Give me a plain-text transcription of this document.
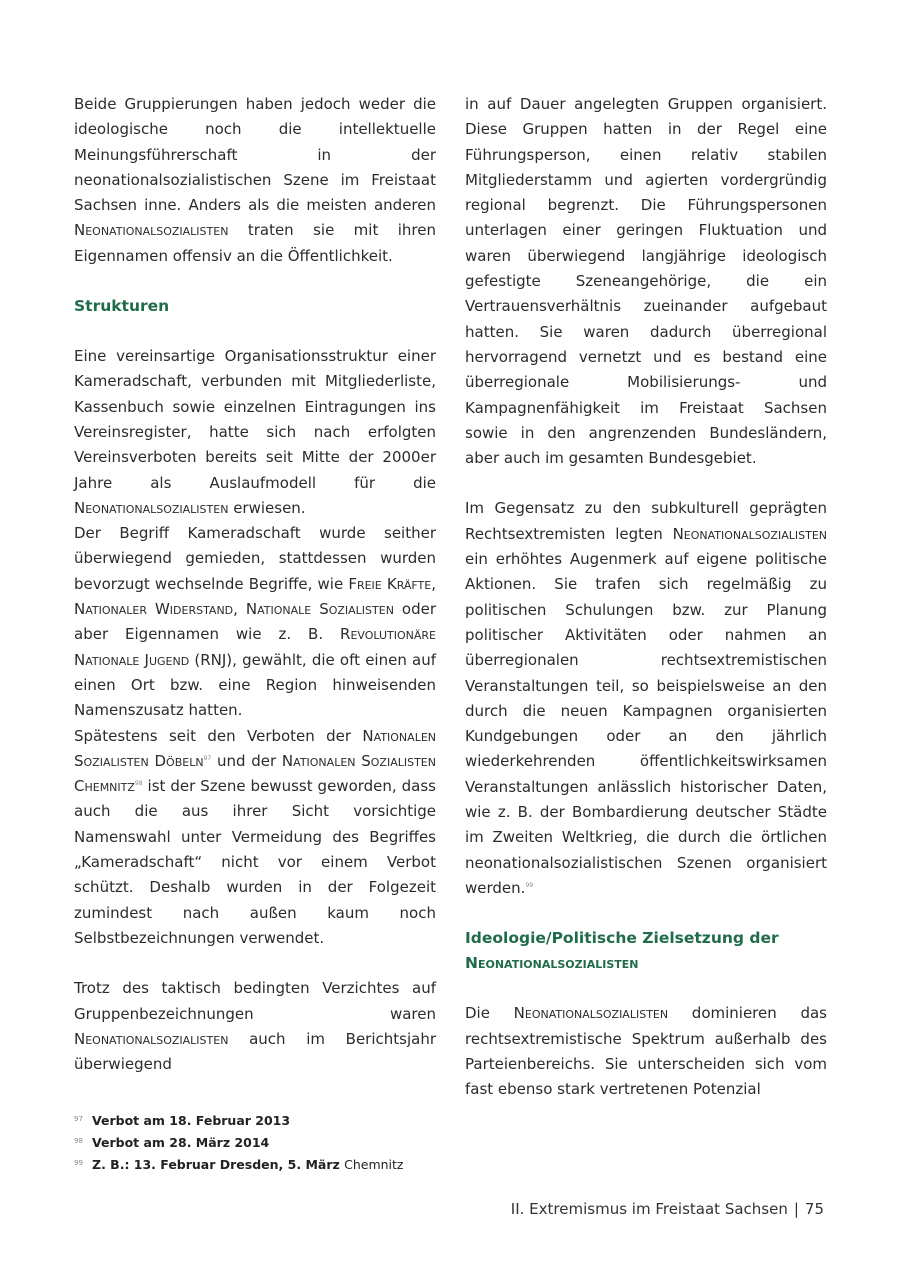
Beide Gruppierungen haben jedoch weder die ideologische noch die intellektuelle Meinungsführerschaft in der neonationalsozialistischen Szene im Freistaat Sachsen inne. Anders als die meisten anderen Neonationalsozialisten traten sie mit ihren Eigennamen offensiv an die Öffentlichkeit.

Strukturen

Eine vereinsartige Organisationsstruktur einer Kameradschaft, verbunden mit Mitgliederliste, Kassenbuch sowie einzelnen Eintragungen ins Vereinsregister, hatte sich nach erfolgten Vereinsverboten bereits seit Mitte der 2000er Jahre als Auslaufmodell für die Neonationalsozialisten erwiesen.

Der Begriff Kameradschaft wurde seither überwiegend gemieden, stattdessen wurden bevorzugt wechselnde Begriffe, wie Freie Kräfte, Nationaler Widerstand, Nationale Sozialisten oder aber Eigennamen wie z. B. Revolutionäre Nationale Jugend (RNJ), gewählt, die oft einen auf einen Ort bzw. eine Region hinweisenden Namenszusatz hatten.

Spätestens seit den Verboten der Nationalen Sozialisten Döbeln$^{97}$ und der Nationalen Sozialisten Chemnitz$^{98}$ ist der Szene bewusst geworden, dass auch die aus ihrer Sicht vorsichtige Namenswahl unter Vermeidung des Begriffes „Kameradschaft“ nicht vor einem Verbot schützt. Deshalb wurden in der Folgezeit zumindest nach außen kaum noch Selbstbezeichnungen verwendet.

Trotz des taktisch bedingten Verzichtes auf Gruppenbezeichnungen waren Neonationalsozialisten auch im Berichtsjahr überwiegend

in auf Dauer angelegten Gruppen organisiert. Diese Gruppen hatten in der Regel eine Führungsperson, einen relativ stabilen Mitgliederstamm und agierten vordergründig regional begrenzt. Die Führungspersonen unterlagen einer geringen Fluktuation und waren überwiegend langjährige ideologisch gefestigte Szeneangehörige, die ein Vertrauensverhältnis zueinander aufgebaut hatten. Sie waren dadurch überregional hervorragend vernetzt und es bestand eine überregionale Mobilisierungs- und Kampagnenfähigkeit im Freistaat Sachsen sowie in den angrenzenden Bundesländern, aber auch im gesamten Bundesgebiet.

Im Gegensatz zu den subkulturell geprägten Rechtsextremisten legten Neonationalsozialisten ein erhöhtes Augenmerk auf eigene politische Aktionen. Sie trafen sich regelmäßig zu politischen Schulungen bzw. zur Planung politischer Aktivitäten oder nahmen an überregionalen rechtsextremistischen Veranstaltungen teil, so beispielsweise an den durch die neuen Kampagnen organisierten Kundgebungen oder an den jährlich wiederkehrenden öffentlichkeitswirksamen Veranstaltungen anlässlich historischer Daten, wie z. B. der Bombardierung deutscher Städte im Zweiten Weltkrieg, die durch die örtlichen neonationalsozialistischen Szenen organisiert werden.$^{99}$

Ideologie/Politische Zielsetzung der Neonationalsozialisten

Die Neonationalsozialisten dominieren das rechtsextremistische Spektrum außerhalb des Parteienbereichs. Sie unterscheiden sich vom fast ebenso stark vertretenen Potenzial

97 Verbot am 18. Februar 2013
98 Verbot am 28. März 2014
99 Z. B.: 13. Februar Dresden, 5. März Chemnitz
II. Extremismus im Freistaat Sachsen | 75
